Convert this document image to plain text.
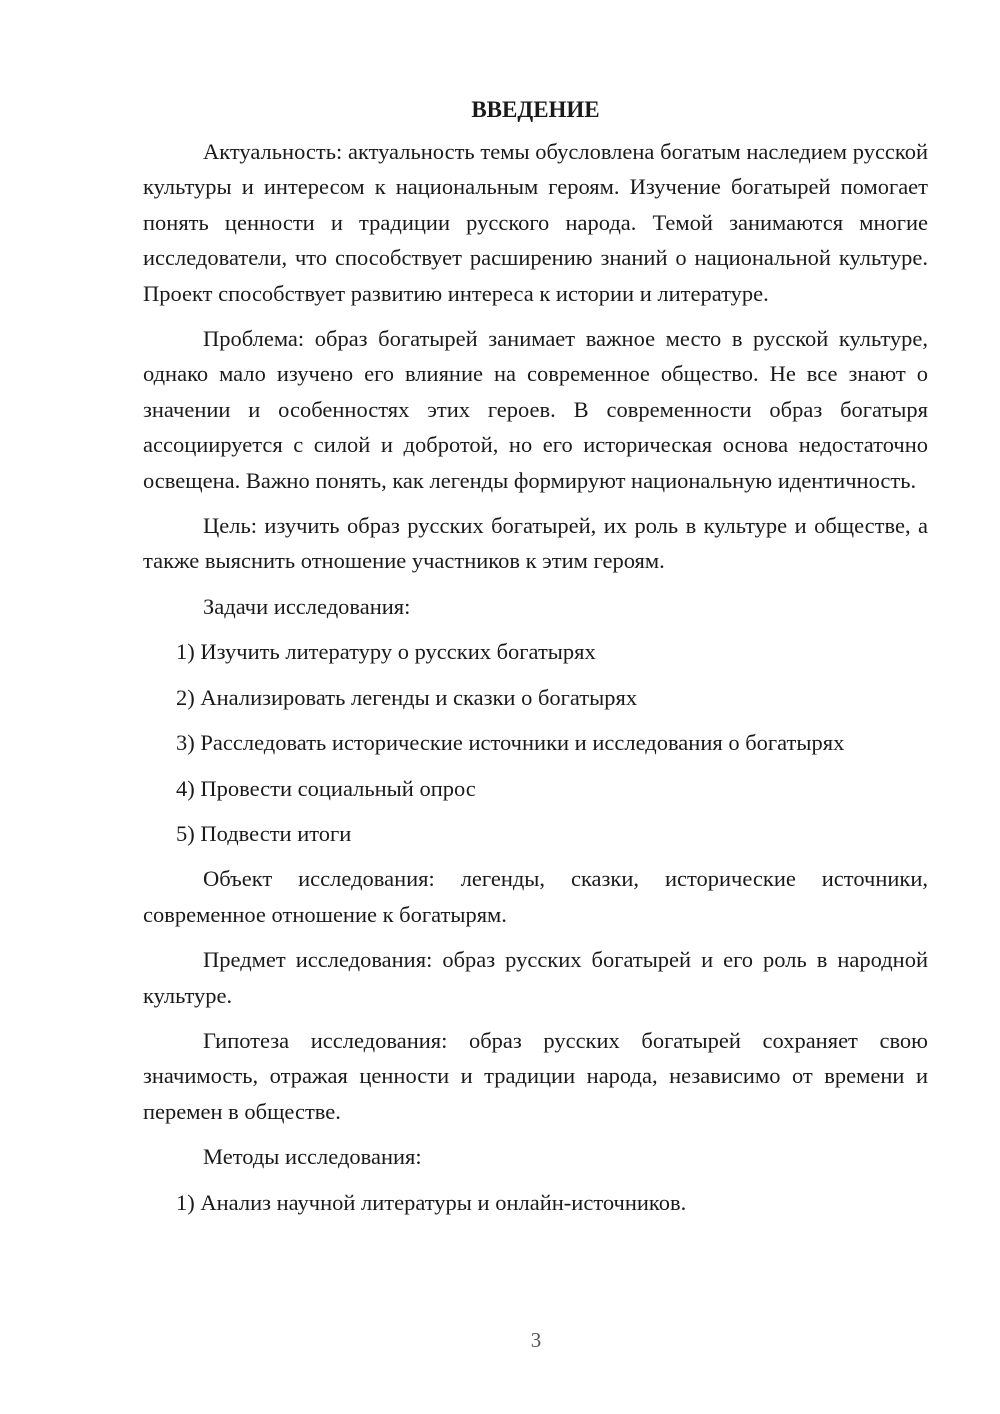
ВВЕДЕНИЕ

Актуальность: актуальность темы обусловлена богатым наследием русской культуры и интересом к национальным героям. Изучение богатырей помогает понять ценности и традиции русского народа. Темой занимаются многие исследователи, что способствует расширению знаний о национальной культуре. Проект способствует развитию интереса к истории и литературе.

Проблема: образ богатырей занимает важное место в русской культуре, однако мало изучено его влияние на современное общество. Не все знают о значении и особенностях этих героев. В современности образ богатыря ассоциируется с силой и добротой, но его историческая основа недостаточно освещена. Важно понять, как легенды формируют национальную идентичность.

Цель: изучить образ русских богатырей, их роль в культуре и обществе, а также выяснить отношение участников к этим героям.

Задачи исследования:

1) Изучить литературу о русских богатырях
2) Анализировать легенды и сказки о богатырях
3) Расследовать исторические источники и исследования о богатырях
4) Провести социальный опрос
5) Подвести итоги

Объект исследования: легенды, сказки, исторические источники, современное отношение к богатырям.

Предмет исследования: образ русских богатырей и его роль в народной культуре.

Гипотеза исследования: образ русских богатырей сохраняет свою значимость, отражая ценности и традиции народа, независимо от времени и перемен в обществе.

Методы исследования:

1) Анализ научной литературы и онлайн-источников.
3
